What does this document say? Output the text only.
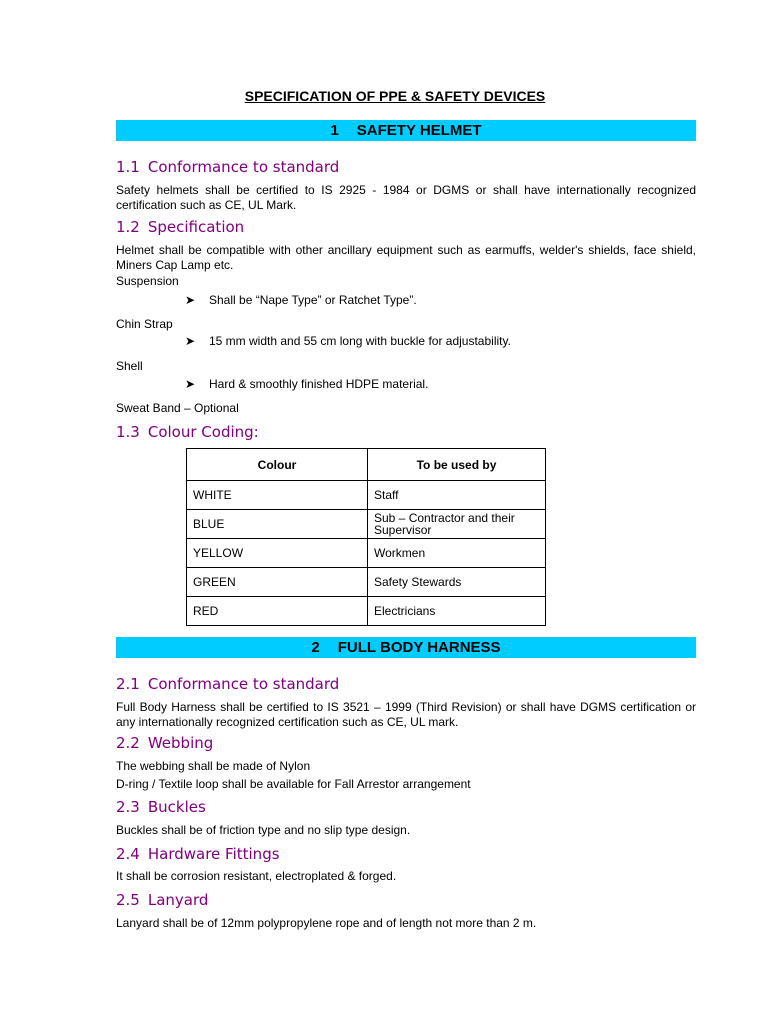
SPECIFICATION OF PPE & SAFETY DEVICES
1 SAFETY HELMET
1.1 Conformance to standard
Safety helmets shall be certified to IS 2925 - 1984 or DGMS or shall have internationally recognized certification such as CE, UL Mark.
1.2 Specification
Helmet shall be compatible with other ancillary equipment such as earmuffs, welder's shields, face shield, Miners Cap Lamp etc.
Suspension
➤ Shall be “Nape Type” or Ratchet Type”.
Chin Strap
➤ 15 mm width and 55 cm long with buckle for adjustability.
Shell
➤ Hard & smoothly finished HDPE material.
Sweat Band – Optional
1.3 Colour Coding:
Colour	To be used by
WHITE	Staff
BLUE	Sub – Contractor and their Supervisor
YELLOW	Workmen
GREEN	Safety Stewards
RED	Electricians
2 FULL BODY HARNESS
2.1 Conformance to standard
Full Body Harness shall be certified to IS 3521 – 1999 (Third Revision) or shall have DGMS certification or any internationally recognized certification such as CE, UL mark.
2.2 Webbing
The webbing shall be made of Nylon
D-ring / Textile loop shall be available for Fall Arrestor arrangement
2.3 Buckles
Buckles shall be of friction type and no slip type design.
2.4 Hardware Fittings
It shall be corrosion resistant, electroplated & forged.
2.5 Lanyard
Lanyard shall be of 12mm polypropylene rope and of length not more than 2 m.
